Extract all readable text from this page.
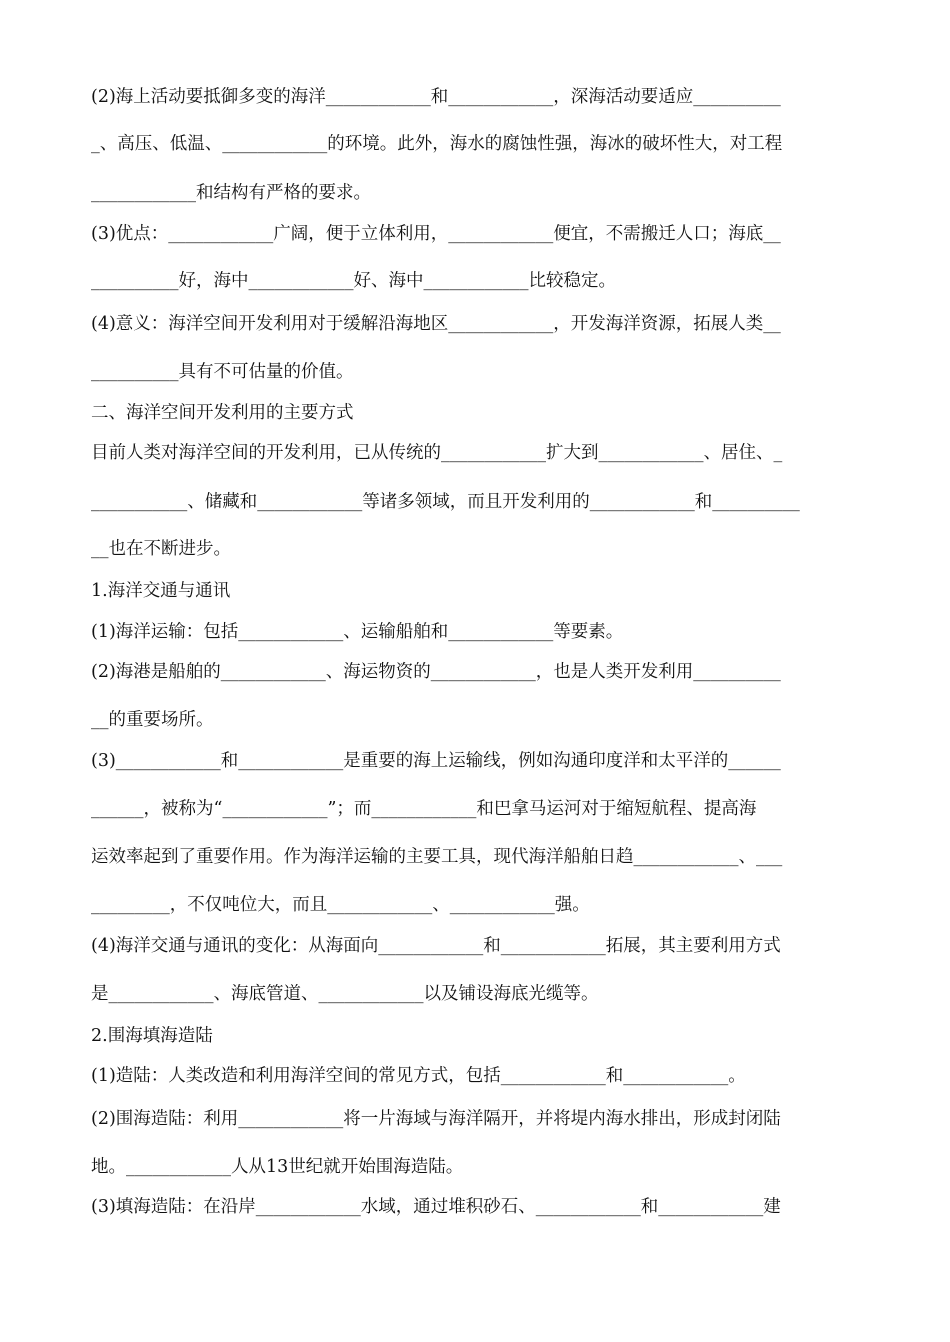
(2)海上活动要抵御多变的海洋____________和____________，深海活动要适应__________
_、高压、低温、____________的环境。此外，海水的腐蚀性强，海冰的破坏性大，对工程
____________和结构有严格的要求。
(3)优点：____________广阔，便于立体利用，____________便宜，不需搬迁人口；海底__
__________好，海中____________好、海中____________比较稳定。
(4)意义：海洋空间开发利用对于缓解沿海地区____________，开发海洋资源，拓展人类__
__________具有不可估量的价值。
二、海洋空间开发利用的主要方式
目前人类对海洋空间的开发利用，已从传统的____________扩大到____________、居住、_
___________、储藏和____________等诸多领域，而且开发利用的____________和__________
__也在不断进步。
1.海洋交通与通讯
(1)海洋运输：包括____________、运输船舶和____________等要素。
(2)海港是船舶的____________、海运物资的____________，也是人类开发利用__________
__的重要场所。
(3)____________和____________是重要的海上运输线，例如沟通印度洋和太平洋的______
______，被称为“____________”；而____________和巴拿马运河对于缩短航程、提高海
运效率起到了重要作用。作为海洋运输的主要工具，现代海洋船舶日趋____________、___
_________，不仅吨位大，而且____________、____________强。
(4)海洋交通与通讯的变化：从海面向____________和____________拓展，其主要利用方式
是____________、海底管道、____________以及铺设海底光缆等。
2.围海填海造陆
(1)造陆：人类改造和利用海洋空间的常见方式，包括____________和____________。
(2)围海造陆：利用____________将一片海域与海洋隔开，并将堤内海水排出，形成封闭陆
地。____________人从13世纪就开始围海造陆。
(3)填海造陆：在沿岸____________水域，通过堆积砂石、____________和____________建
